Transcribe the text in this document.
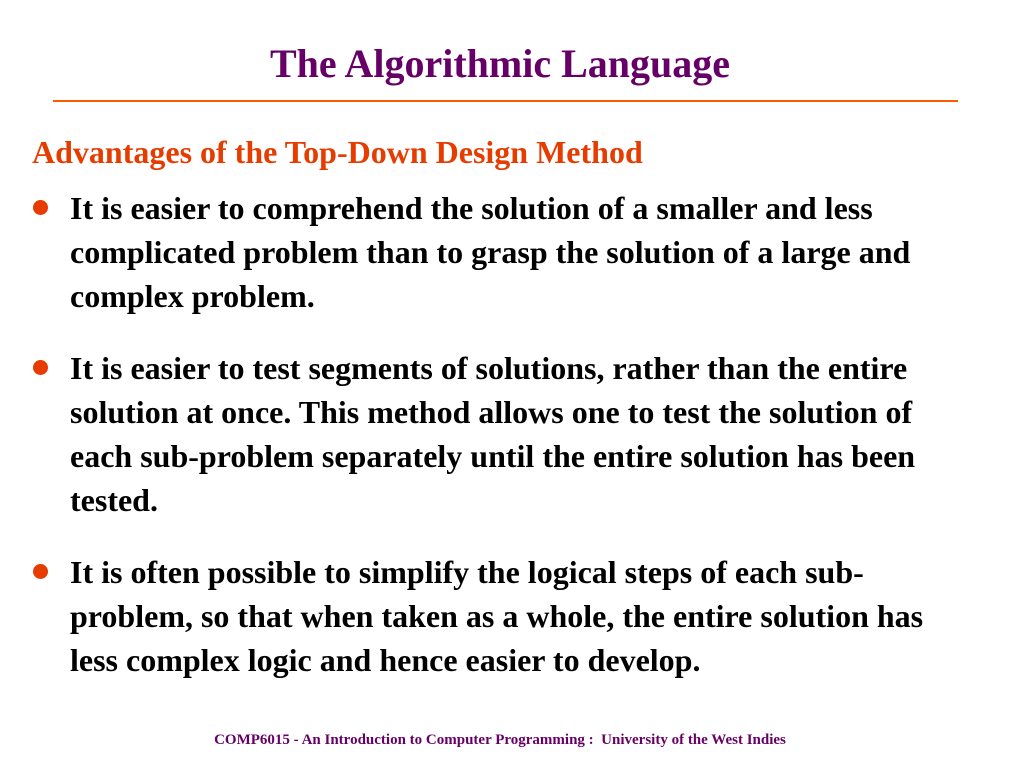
The Algorithmic Language
Advantages of the Top-Down Design Method
It is easier to comprehend the solution of a smaller and less complicated problem than to grasp the solution of a large and complex problem.
It is easier to test segments of solutions, rather than the entire solution at once. This method allows one to test the solution of each sub-problem separately until the entire solution has been tested.
It is often possible to simplify the logical steps of each sub-problem, so that when taken as a whole, the entire solution has less complex logic and hence easier to develop.
COMP6015 - An Introduction to Computer Programming :  University of the West Indies
